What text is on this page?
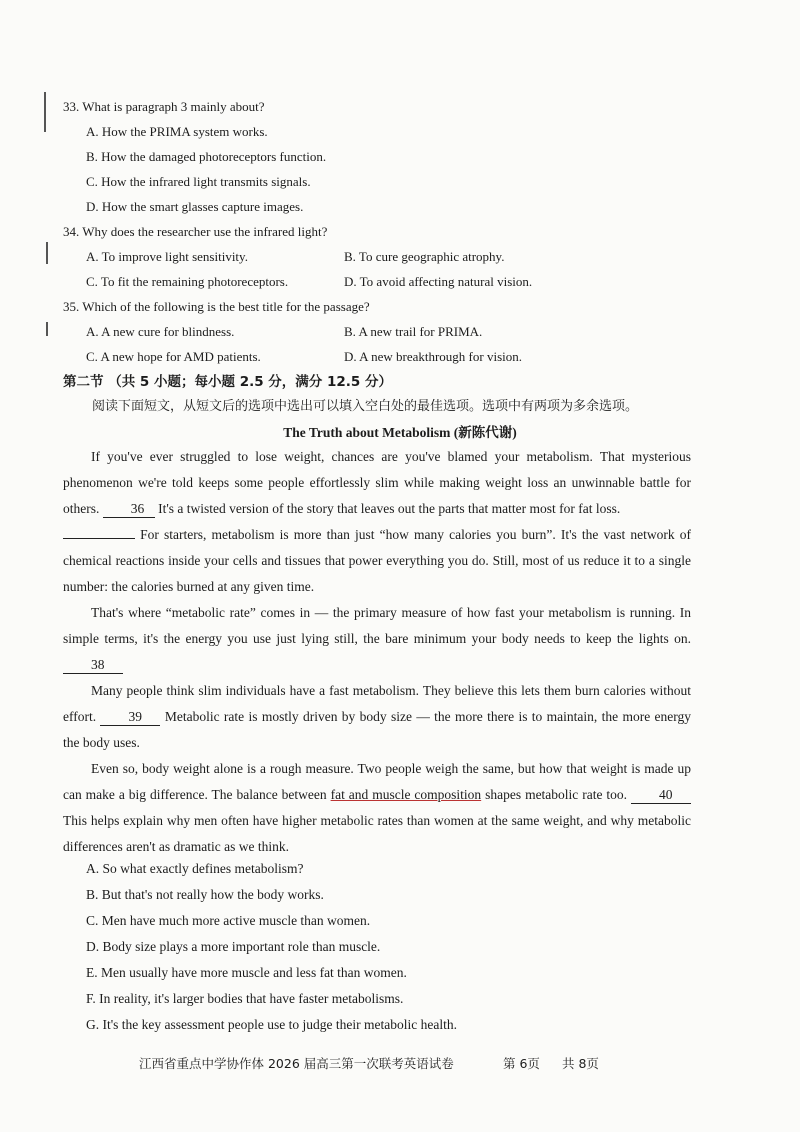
33. What is paragraph 3 mainly about?
A. How the PRIMA system works.
B. How the damaged photoreceptors function.
C. How the infrared light transmits signals.
D. How the smart glasses capture images.
34. Why does the researcher use the infrared light?
A. To improve light sensitivity.	B. To cure geographic atrophy.
C. To fit the remaining photoreceptors.	D. To avoid affecting natural vision.
35. Which of the following is the best title for the passage?
A. A new cure for blindness.	B. A new trail for PRIMA.
C. A new hope for AMD patients.	D. A new breakthrough for vision.
第二节 （共 5 小题；每小题 2.5 分，满分 12.5 分）
阅读下面短文，从短文后的选项中选出可以填入空白处的最佳选项。选项中有两项为多余选项。
The Truth about Metabolism (新陈代谢)
If you've ever struggled to lose weight, chances are you've blamed your metabolism. That mysterious phenomenon we're told keeps some people effortlessly slim while making weight loss an unwinnable battle for others. 36 It's a twisted version of the story that leaves out the parts that matter most for fat loss.
For starters, metabolism is more than just “how many calories you burn”. It's the vast network of chemical reactions inside your cells and tissues that power everything you do. Still, most of us reduce it to a single number: the calories burned at any given time.
That's where “metabolic rate” comes in — the primary measure of how fast your metabolism is running. In simple terms, it's the energy you use just lying still, the bare minimum your body needs to keep the lights on. 38
Many people think slim individuals have a fast metabolism. They believe this lets them burn calories without effort. 39 Metabolic rate is mostly driven by body size — the more there is to maintain, the more energy the body uses.
Even so, body weight alone is a rough measure. Two people weigh the same, but how that weight is made up can make a big difference. The balance between fat and muscle composition shapes metabolic rate too. 40 This helps explain why men often have higher metabolic rates than women at the same weight, and why metabolic differences aren't as dramatic as we think.
A. So what exactly defines metabolism?
B. But that's not really how the body works.
C. Men have much more active muscle than women.
D. Body size plays a more important role than muscle.
E. Men usually have more muscle and less fat than women.
F. In reality, it's larger bodies that have faster metabolisms.
G. It's the key assessment people use to judge their metabolic health.
江西省重点中学协作体 2026 届高三第一次联考英语试卷	第 6页 共 8页
